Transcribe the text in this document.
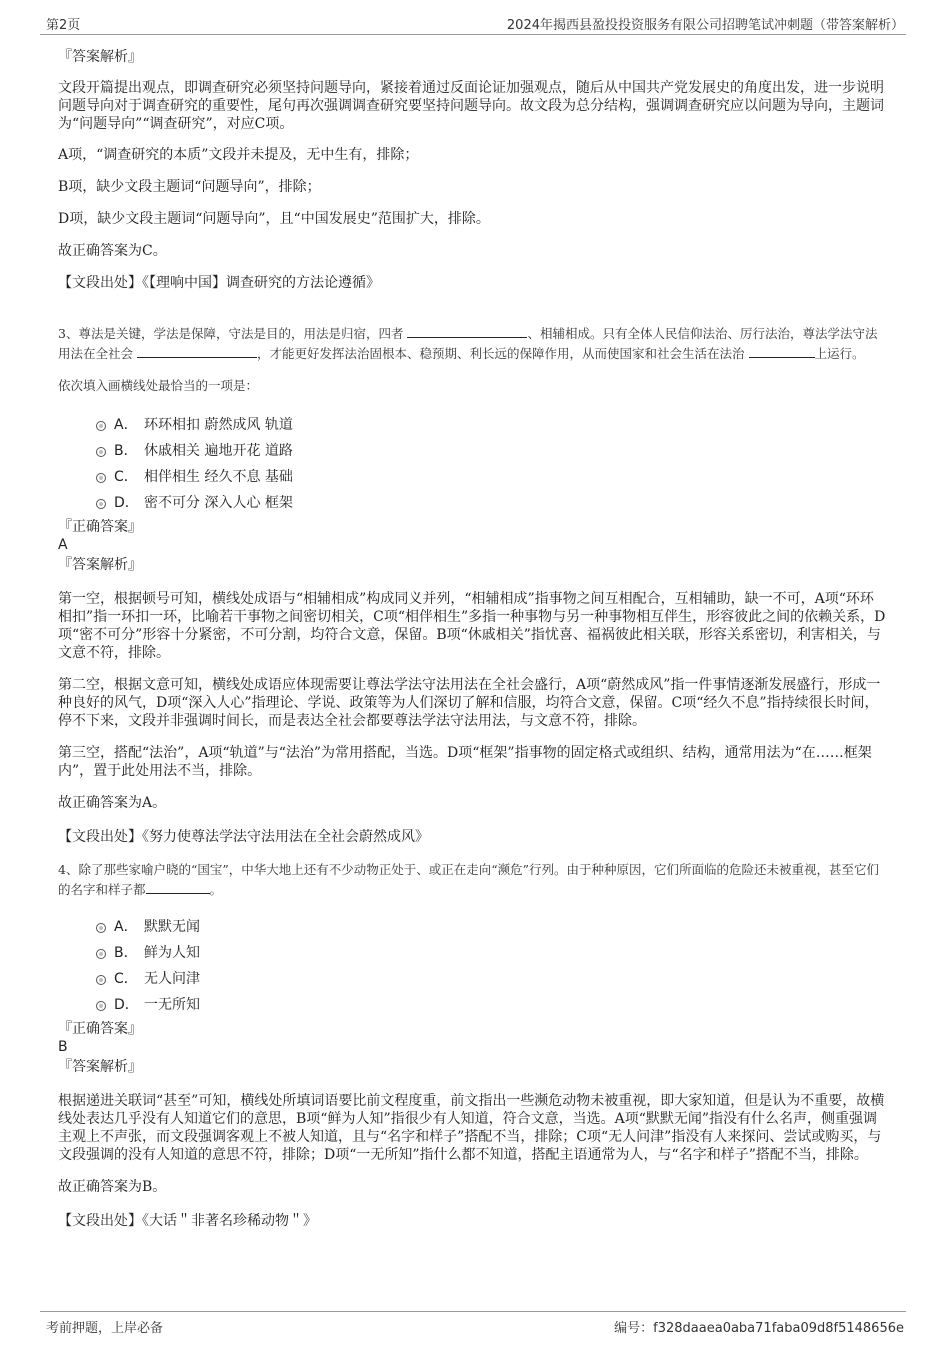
第2页	2024年揭西县盈投投资服务有限公司招聘笔试冲刺题（带答案解析）

『答案解析』

文段开篇提出观点，即调查研究必须坚持问题导向，紧接着通过反面论证加强观点，随后从中国共产党发展史的角度出发，进一步说明问题导向对于调查研究的重要性，尾句再次强调调查研究要坚持问题导向。故文段为总分结构，强调调查研究应以问题为导向，主题词为“问题导向”“调查研究”，对应C项。

A项，“调查研究的本质”文段并未提及，无中生有，排除；

B项，缺少文段主题词“问题导向”，排除；

D项，缺少文段主题词“问题导向”，且“中国发展史”范围扩大，排除。

故正确答案为C。

【文段出处】《【理响中国】调查研究的方法论遵循》

3、尊法是关键，学法是保障，守法是目的，用法是归宿，四者	、相辅相成。只有全体人民信仰法治、厉行法治，尊法学法守法用法在全社会	，才能更好发挥法治固根本、稳预期、利长远的保障作用，从而使国家和社会生活在法治	上运行。

依次填入画横线处最恰当的一项是：

A． 环环相扣 蔚然成风 轨道
B． 休戚相关 遍地开花 道路
C． 相伴相生 经久不息 基础
D． 密不可分 深入人心 框架

『正确答案』

A

『答案解析』

第一空，根据顿号可知，横线处成语与“相辅相成”构成同义并列，“相辅相成”指事物之间互相配合，互相辅助，缺一不可，A项“环环相扣”指一环扣一环，比喻若干事物之间密切相关，C项“相伴相生”多指一种事物与另一种事物相互伴生，形容彼此之间的依赖关系，D项“密不可分”形容十分紧密，不可分割，均符合文意，保留。B项“休戚相关”指忧喜、福祸彼此相关联，形容关系密切，利害相关，与文意不符，排除。

第二空，根据文意可知，横线处成语应体现需要让尊法学法守法用法在全社会盛行，A项“蔚然成风”指一件事情逐渐发展盛行，形成一种良好的风气，D项“深入人心”指理论、学说、政策等为人们深切了解和信服，均符合文意，保留。C项“经久不息”指持续很长时间，停不下来，文段并非强调时间长，而是表达全社会都要尊法学法守法用法，与文意不符，排除。

第三空，搭配“法治”，A项“轨道”与“法治”为常用搭配，当选。D项“框架”指事物的固定格式或组织、结构，通常用法为“在……框架内”，置于此处用法不当，排除。

故正确答案为A。

【文段出处】《努力使尊法学法守法用法在全社会蔚然成风》

4、除了那些家喻户晓的“国宝”，中华大地上还有不少动物正处于、或正在走向“濒危”行列。由于种种原因，它们所面临的危险还未被重视，甚至它们的名字和样子都	。

A． 默默无闻
B． 鲜为人知
C． 无人问津
D． 一无所知

『正确答案』

B

『答案解析』

根据递进关联词“甚至”可知，横线处所填词语要比前文程度重，前文指出一些濒危动物未被重视，即大家知道，但是认为不重要，故横线处表达几乎没有人知道它们的意思，B项“鲜为人知”指很少有人知道，符合文意，当选。A项“默默无闻”指没有什么名声，侧重强调主观上不声张，而文段强调客观上不被人知道，且与“名字和样子”搭配不当，排除；C项“无人问津”指没有人来探问、尝试或购买，与文段强调的没有人知道的意思不符，排除；D项“一无所知”指什么都不知道，搭配主语通常为人，与“名字和样子”搭配不当，排除。

故正确答案为B。

【文段出处】《大话＂非著名珍稀动物＂》

考前押题，上岸必备	编号：f328daaea0aba71faba09d8f5148656e
